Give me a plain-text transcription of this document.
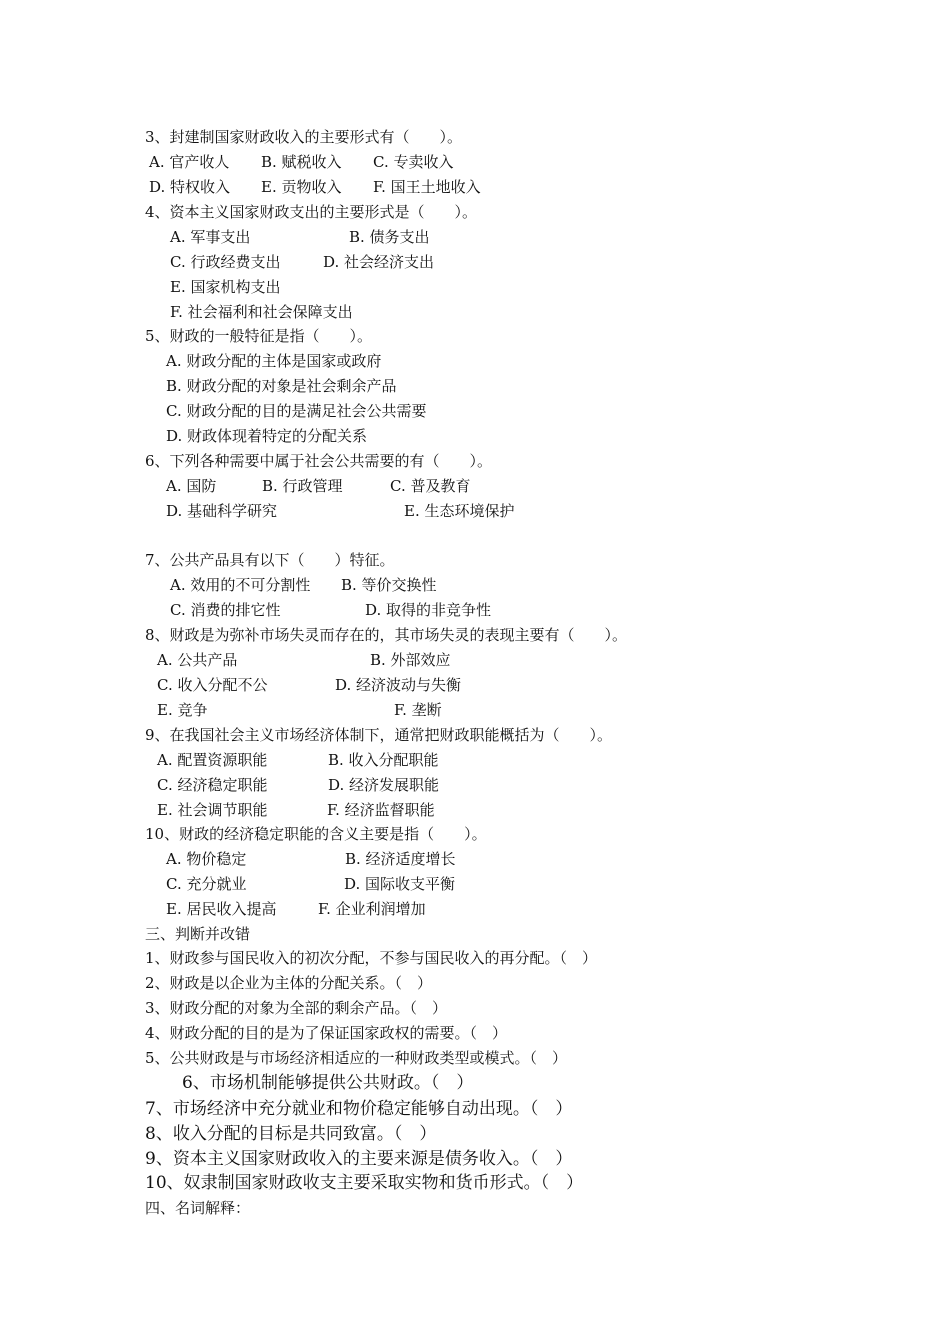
3、封建制国家财政收入的主要形式有（　　）。
A. 官产收人 B. 赋税收入 C. 专卖收入
D. 特权收入 E. 贡物收入 F. 国王土地收入
4、资本主义国家财政支出的主要形式是（　　）。
A. 军事支出	B. 债务支出
C. 行政经费支出	D. 社会经济支出
E. 国家机构支出
F. 社会福利和社会保障支出
5、财政的一般特征是指（　　）。
A. 财政分配的主体是国家或政府
B. 财政分配的对象是社会剩余产品
C. 财政分配的目的是满足社会公共需要
D. 财政体现着特定的分配关系
6、下列各种需要中属于社会公共需要的有（　　）。
A. 国防	B. 行政管理	C. 普及教育
D. 基础科学研究	E. 生态环境保护
7、公共产品具有以下（　　）特征。
A. 效用的不可分割性 B. 等价交换性
C. 消费的排它性	D. 取得的非竞争性
8、财政是为弥补市场失灵而存在的，其市场失灵的表现主要有（　　）。
A. 公共产品	B. 外部效应
C. 收入分配不公	D. 经济波动与失衡
E. 竞争	F. 垄断
9、在我国社会主义市场经济体制下，通常把财政职能概括为（　　）。
A. 配置资源职能	B. 收入分配职能
C. 经济稳定职能	D. 经济发展职能
E. 社会调节职能	F. 经济监督职能
10、财政的经济稳定职能的含义主要是指（　　）。
A. 物价稳定	B. 经济适度增长
C. 充分就业	D. 国际收支平衡
E. 居民收入提高	F. 企业利润增加
三、判断并改错
1、财政参与国民收入的初次分配，不参与国民收入的再分配。（　）
2、财政是以企业为主体的分配关系。（　）
3、财政分配的对象为全部的剩余产品。（　）
4、财政分配的目的是为了保证国家政权的需要。（　）
5、公共财政是与市场经济相适应的一种财政类型或模式。（　）
6、市场机制能够提供公共财政。（　）
7、市场经济中充分就业和物价稳定能够自动出现。（　）
8、收入分配的目标是共同致富。（　）
9、资本主义国家财政收入的主要来源是债务收入。（　）
10、奴隶制国家财政收支主要采取实物和货币形式。（　）
四、名词解释：
